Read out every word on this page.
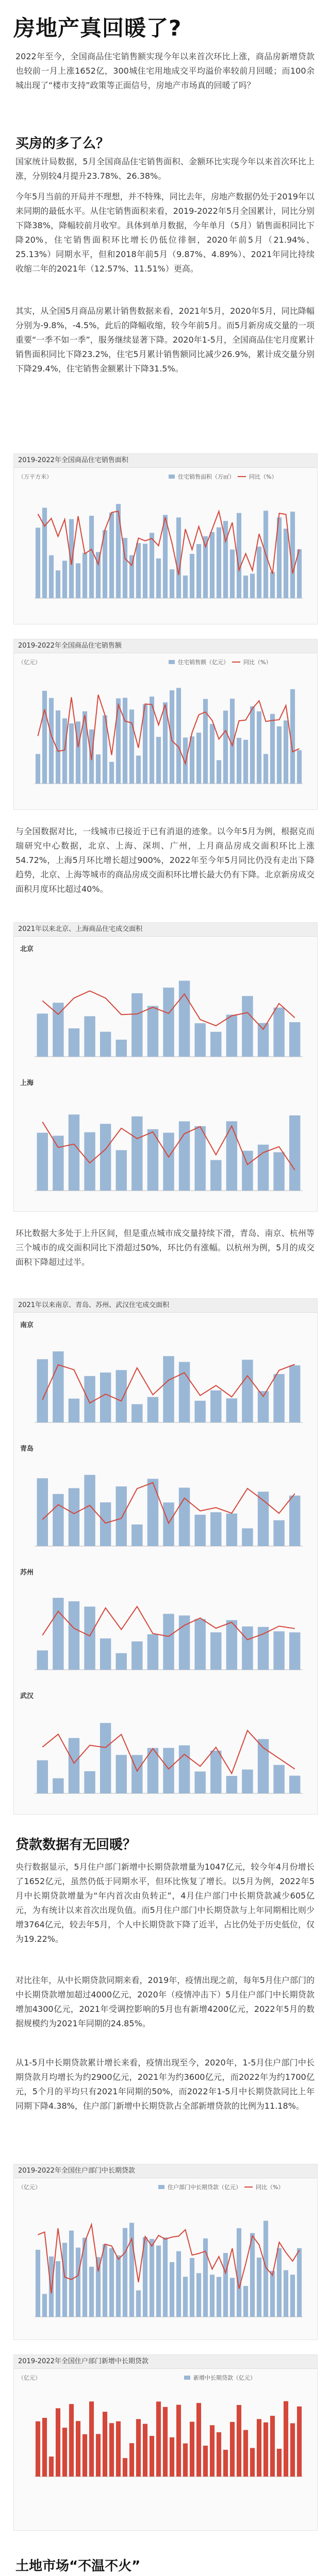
房地产真回暖了?
2022年至今，全国商品住宅销售额实现今年以来首次环比上涨，商品房新增贷款也较前一月上涨1652亿，300城住宅用地成交平均溢价率较前月回暖；而100余城出现了“楼市支持”政策等正面信号，房地产市场真的回暖了吗？
买房的多了么？
国家统计局数据，5月全国商品住宅销售面积、金额环比实现今年以来首次环比上涨，分别较4月提升23.78%、26.38%。
今年5月当前的开局并不理想，并不特殊，同比去年，房地产数据仍处于2019年以来同期的最低水平。从住宅销售面积来看，2019-2022年5月全国累计，同比分别下降38%，降幅较前月收窄。具体到单月数据，今年单月（5月）销售面积同比下降20%，住宅销售面积环比增长仍低位徘徊，2020年前5月（21.94%、25.13%）同期水平，但和2018年前5月（9.87%、4.89%）、2021年同比持续收缩二年的2021年（12.57%、11.51%）更高。
其实，从全国5月商品房累计销售数据来看，2021年5月，2020年5月，同比降幅分别为-9.8%，-4.5%，此后的降幅收缩，较今年前5月。而5月新房成交量的一项重要“一季不如一季”，服务继续显著下降。2020年1-5月，全国商品住宅月度累计销售面积同比下降23.2%，住宅5月累计销售额同比减少26.9%，累计成交量分别下降29.4%，住宅销售金额累计下降31.5%。
2019-2022年全国商品住宅销售面积
住宅销售面积（万㎡）	同比（%）
（万平方米）
2019-2022年全国商品住宅销售额
住宅销售额（亿元）	同比（%）
（亿元）
与全国数据对比，一线城市已接近于已有消退的迹象。以今年5月为例，根据克而瑞研究中心数据，北京、上海、深圳、广州，上月商品房成交面积环比上涨54.72%，上海5月环比增长超过900%，2022年至今年5月同比仍没有走出下降趋势，北京、上海等城市的商品房成交面积环比增长最大仍有下降。北京新房成交面积月度环比超过40%。
2021年以来北京、上海商品住宅成交面积
北京
上海
环比数据大多处于上升区间，但是重点城市成交量持续下滑，青岛、南京、杭州等三个城市的成交面积同比下滑超过50%，环比仍有涨幅。以杭州为例，5月的成交面积下降超过过半。
2021年以来南京、青岛、苏州、武汉住宅成交面积
南京
青岛
苏州
武汉
贷款数据有无回暖？
央行数据显示，5月住户部门新增中长期贷款增量为1047亿元，较今年4月份增长了1652亿元，虽然仍低于同期水平，但环比恢复了增长。以5月为例，2022年5月中长期贷款增量为“年内首次由负转正”，4月住户部门中长期贷款减少605亿元，为有统计以来首次出现负值。而5月住户部门中长期贷款与上年同期相比则少增3764亿元，较去年5月，个人中长期贷款下降了近半，占比仍处于历史低位，仅为19.22%。
对比往年，从中长期贷款同期来看，2019年，疫情出现之前，每年5月住户部门的中长期贷款增加超过4000亿元，2020年（疫情冲击下）5月住户部门中长期贷款增加4300亿元，2021年受调控影响的5月也有新增4200亿元，2022年5月的数据规模约为2021年同期的24.85%。
从1-5月中长期贷款累计增长来看，疫情出现至今，2020年，1-5月住户部门中长期贷款月均增长为约2900亿元，2021年为约3600亿元，而2022年为约1700亿元，5个月的平均只有2021年同期的50%，而2022年1-5月中长期贷款同比上年同期下降4.38%，住户部门新增中长期贷款占全部新增贷款的比例为11.18%。
2019-2022年全国住户部门中长期贷款
住户部门中长期贷款（亿元）	同比（%）
（亿元）
2019-2022年全国住户部门新增中长期贷款
新增中长期贷款（亿元）
（亿元）
土地市场“不温不火”
